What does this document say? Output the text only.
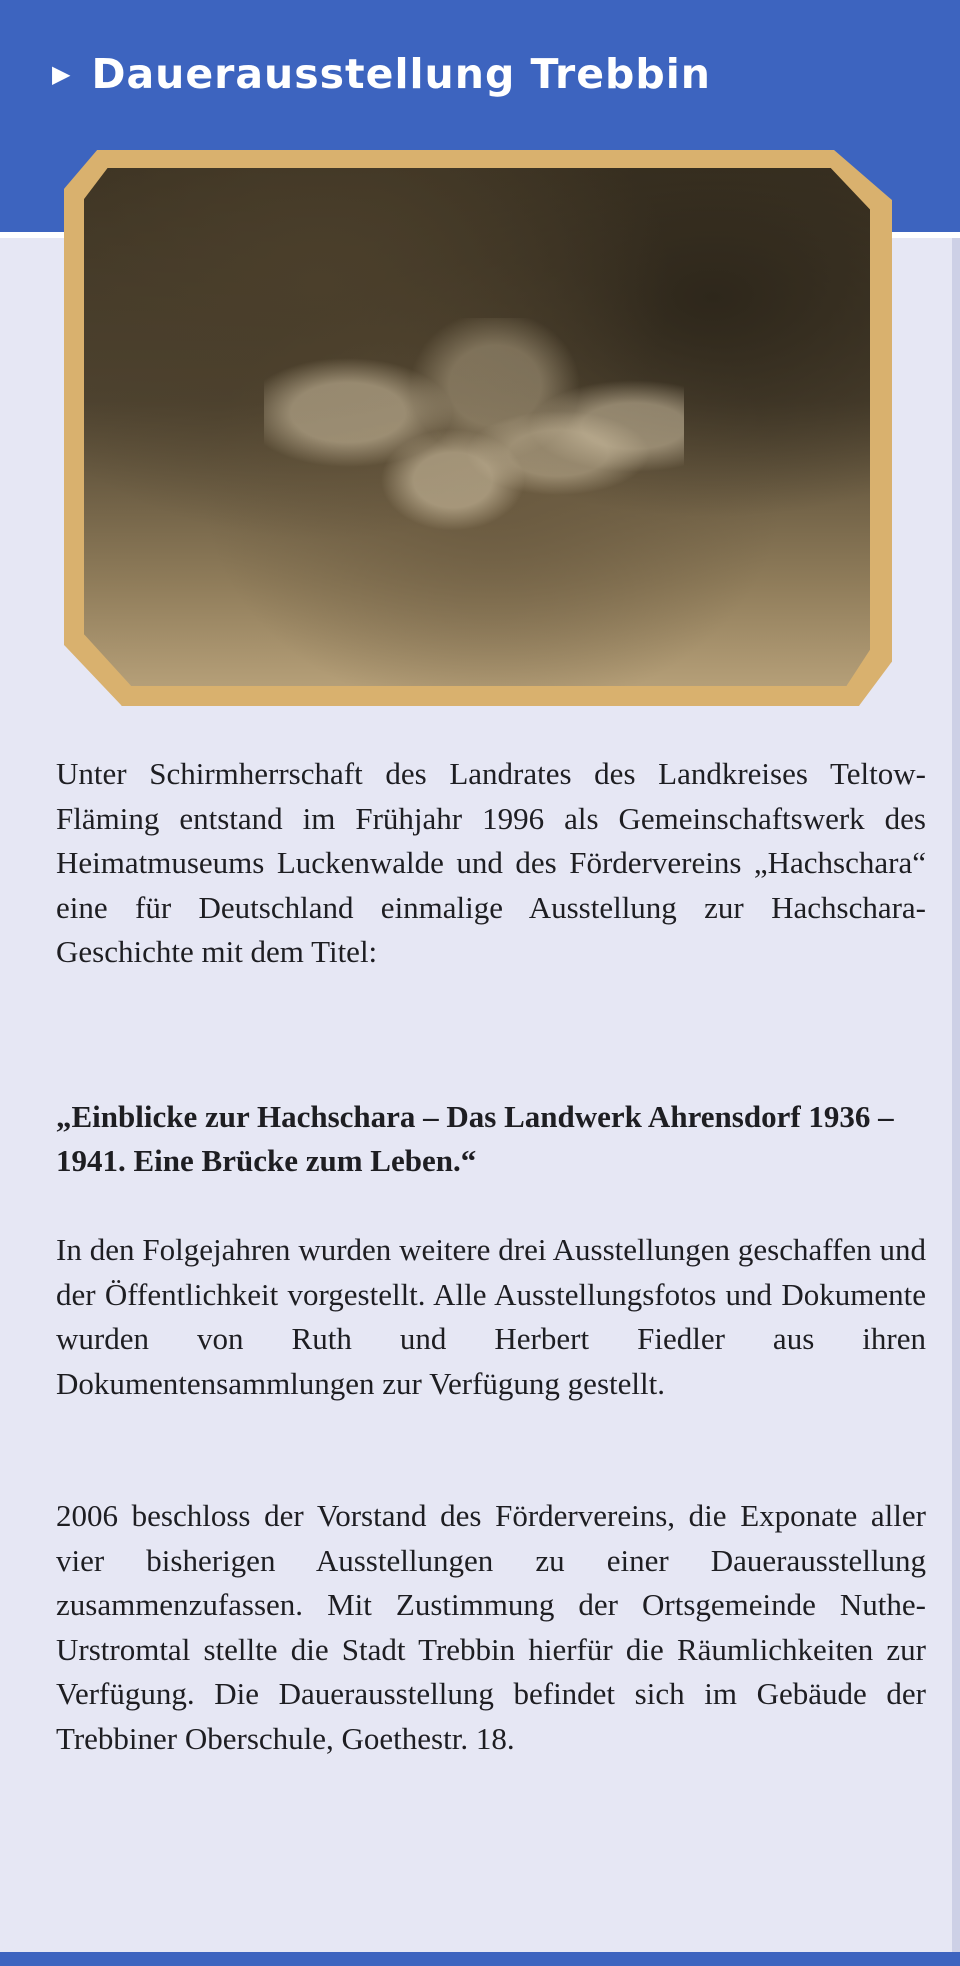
▶ Dauerausstellung Trebbin

Unter Schirmherrschaft des Landrates des Landkreises Teltow-Fläming entstand im Frühjahr 1996 als Gemeinschaftswerk des Heimatmuseums Luckenwalde und des Fördervereins „Hachschara“ eine für Deutschland einmalige Ausstellung zur Hachschara-Geschichte mit dem Titel:

„Einblicke zur Hachschara – Das Landwerk Ahrensdorf 1936 – 1941. Eine Brücke zum Leben.“

In den Folgejahren wurden weitere drei Ausstellungen geschaffen und der Öffentlichkeit vorgestellt. Alle Ausstellungsfotos und Dokumente wurden von Ruth und Herbert Fiedler aus ihren Dokumentensammlungen zur Verfügung gestellt.

2006 beschloss der Vorstand des Fördervereins, die Exponate aller vier bisherigen Ausstellungen zu einer Dauerausstellung zusammenzufassen. Mit Zustimmung der Ortsgemeinde Nuthe-Urstromtal stellte die Stadt Trebbin hierfür die Räumlichkeiten zur Verfügung. Die Dauerausstellung befindet sich im Gebäude der Trebbiner Oberschule, Goethestr. 18.
